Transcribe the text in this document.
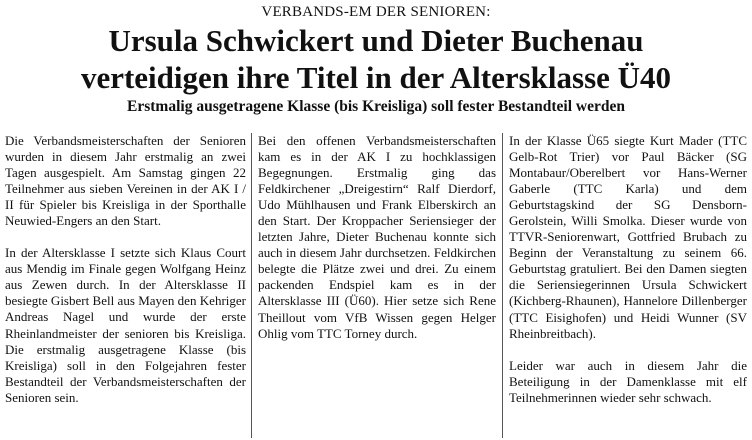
VERBANDS-EM DER SENIOREN:
Ursula Schwickert und Dieter Buchenau
verteidigen ihre Titel in der Altersklasse Ü40
Erstmalig ausgetragene Klasse (bis Kreisliga) soll fester Bestandteil werden

Die Verbandsmeisterschaften der Senioren wurden in diesem Jahr erstmalig an zwei Tagen ausgespielt. Am Samstag gingen 22 Teilnehmer aus sieben Vereinen in der AK I / II für Spieler bis Kreisliga in der Sporthalle Neuwied-Engers an den Start.

In der Altersklasse I setzte sich Klaus Court aus Mendig im Finale gegen Wolfgang Heinz aus Zewen durch. In der Altersklasse II besiegte Gisbert Bell aus Mayen den Kehriger Andreas Nagel und wurde der erste Rheinlandmeister der senioren bis Kreisliga. Die erstmalig ausgetragene Klasse (bis Kreisliga) soll in den Folgejahren fester Bestandteil der Verbandsmeisterschaften der Senioren sein.

Bei den offenen Verbandsmeisterschaften kam es in der AK I zu hochklassigen Begegnungen. Erstmalig ging das Feldkirchener „Dreigestirn“ Ralf Dierdorf, Udo Mühlhausen und Frank Elberskirch an den Start. Der Kroppacher Seriensieger der letzten Jahre, Dieter Buchenau konnte sich auch in diesem Jahr durchsetzen. Feldkirchen belegte die Plätze zwei und drei. Zu einem packenden Endspiel kam es in der Altersklasse III (Ü60). Hier setze sich Rene Theillout vom VfB Wissen gegen Helger Ohlig vom TTC Torney durch.

In der Klasse Ü65 siegte Kurt Mader (TTC Gelb-Rot Trier) vor Paul Bäcker (SG Montabaur/Oberelbert vor Hans-Werner Gaberle (TTC Karla) und dem Geburtstagskind der SG Densborn-Gerolstein, Willi Smolka. Dieser wurde von TTVR-Seniorenwart, Gottfried Brubach zu Beginn der Veranstaltung zu seinem 66. Geburtstag gratuliert. Bei den Damen siegten die Seriensiegerinnen Ursula Schwickert (Kichberg-Rhaunen), Hannelore Dillenberger (TTC Eisighofen) und Heidi Wunner (SV Rheinbreitbach).

Leider war auch in diesem Jahr die Beteiligung in der Damenklasse mit elf Teilnehmerinnen wieder sehr schwach.
